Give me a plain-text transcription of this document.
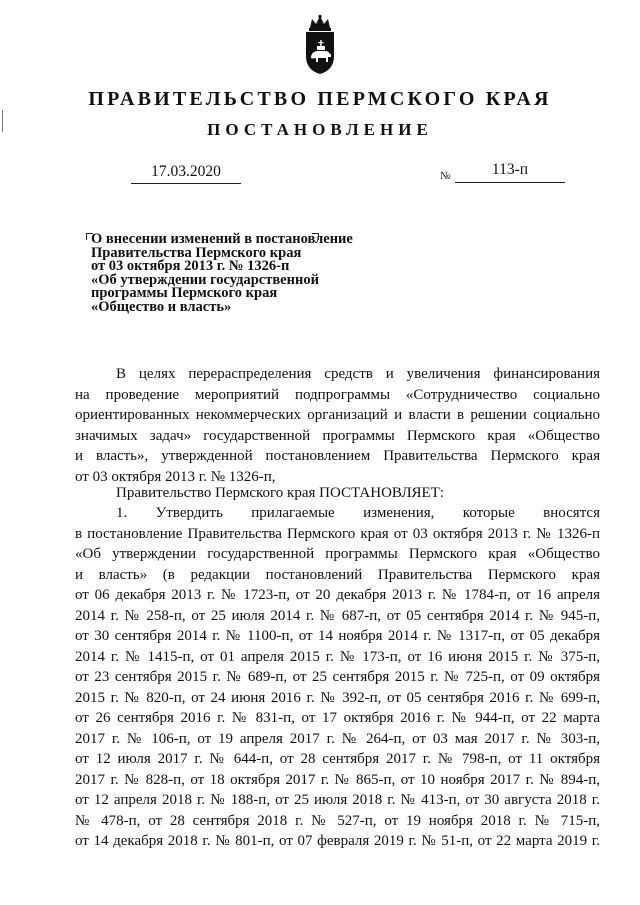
ПРАВИТЕЛЬСТВО ПЕРМСКОГО КРАЯ
ПОСТАНОВЛЕНИЕ
17.03.2020	№	113-п
О внесении изменений в постановление
Правительства Пермского края
от 03 октября 2013 г. № 1326-п
«Об утверждении государственной
программы Пермского края
«Общество и власть»
В целях перераспределения средств и увеличения финансирования
на проведение мероприятий подпрограммы «Сотрудничество социально
ориентированных некоммерческих организаций и власти в решении социально
значимых задач» государственной программы Пермского края «Общество
и власть», утвержденной постановлением Правительства Пермского края
от 03 октября 2013 г. № 1326-п,
Правительство Пермского края ПОСТАНОВЛЯЕТ:
1. Утвердить прилагаемые изменения, которые вносятся
в постановление Правительства Пермского края от 03 октября 2013 г. № 1326-п
«Об утверждении государственной программы Пермского края «Общество
и власть» (в редакции постановлений Правительства Пермского края
от 06 декабря 2013 г. № 1723-п, от 20 декабря 2013 г. № 1784-п, от 16 апреля
2014 г. № 258-п, от 25 июля 2014 г. № 687-п, от 05 сентября 2014 г. № 945-п,
от 30 сентября 2014 г. № 1100-п, от 14 ноября 2014 г. № 1317-п, от 05 декабря
2014 г. № 1415-п, от 01 апреля 2015 г. № 173-п, от 16 июня 2015 г. № 375-п,
от 23 сентября 2015 г. № 689-п, от 25 сентября 2015 г. № 725-п, от 09 октября
2015 г. № 820-п, от 24 июня 2016 г. № 392-п, от 05 сентября 2016 г. № 699-п,
от 26 сентября 2016 г. № 831-п, от 17 октября 2016 г. № 944-п, от 22 марта
2017 г. № 106-п, от 19 апреля 2017 г. № 264-п, от 03 мая 2017 г. № 303-п,
от 12 июля 2017 г. № 644-п, от 28 сентября 2017 г. № 798-п, от 11 октября
2017 г. № 828-п, от 18 октября 2017 г. № 865-п, от 10 ноября 2017 г. № 894-п,
от 12 апреля 2018 г. № 188-п, от 25 июля 2018 г. № 413-п, от 30 августа 2018 г.
№ 478-п, от 28 сентября 2018 г. № 527-п, от 19 ноября 2018 г. № 715-п,
от 14 декабря 2018 г. № 801-п, от 07 февраля 2019 г. № 51-п, от 22 марта 2019 г.
